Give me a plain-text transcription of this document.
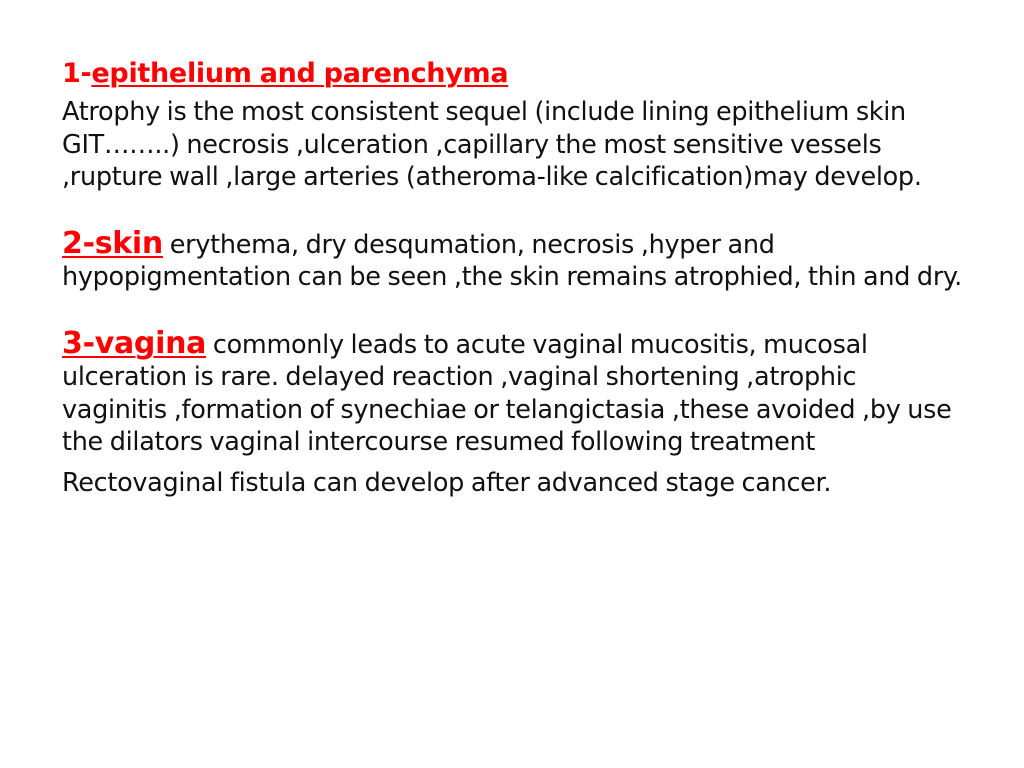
1-epithelium and parenchyma

Atrophy is the most consistent sequel (include lining epithelium skin GIT……..) necrosis ,ulceration ,capillary the most sensitive vessels ,rupture wall ,large arteries (atheroma-like calcification)may develop.

2-skin erythema, dry desqumation, necrosis ,hyper and hypopigmentation can be seen ,the skin remains atrophied, thin and dry.

3-vagina commonly leads to acute vaginal mucositis, mucosal ulceration is rare. delayed reaction ,vaginal shortening ,atrophic vaginitis ,formation of synechiae or telangictasia ,these avoided ,by use the dilators vaginal intercourse resumed following treatment

Rectovaginal fistula can develop after advanced stage cancer.
